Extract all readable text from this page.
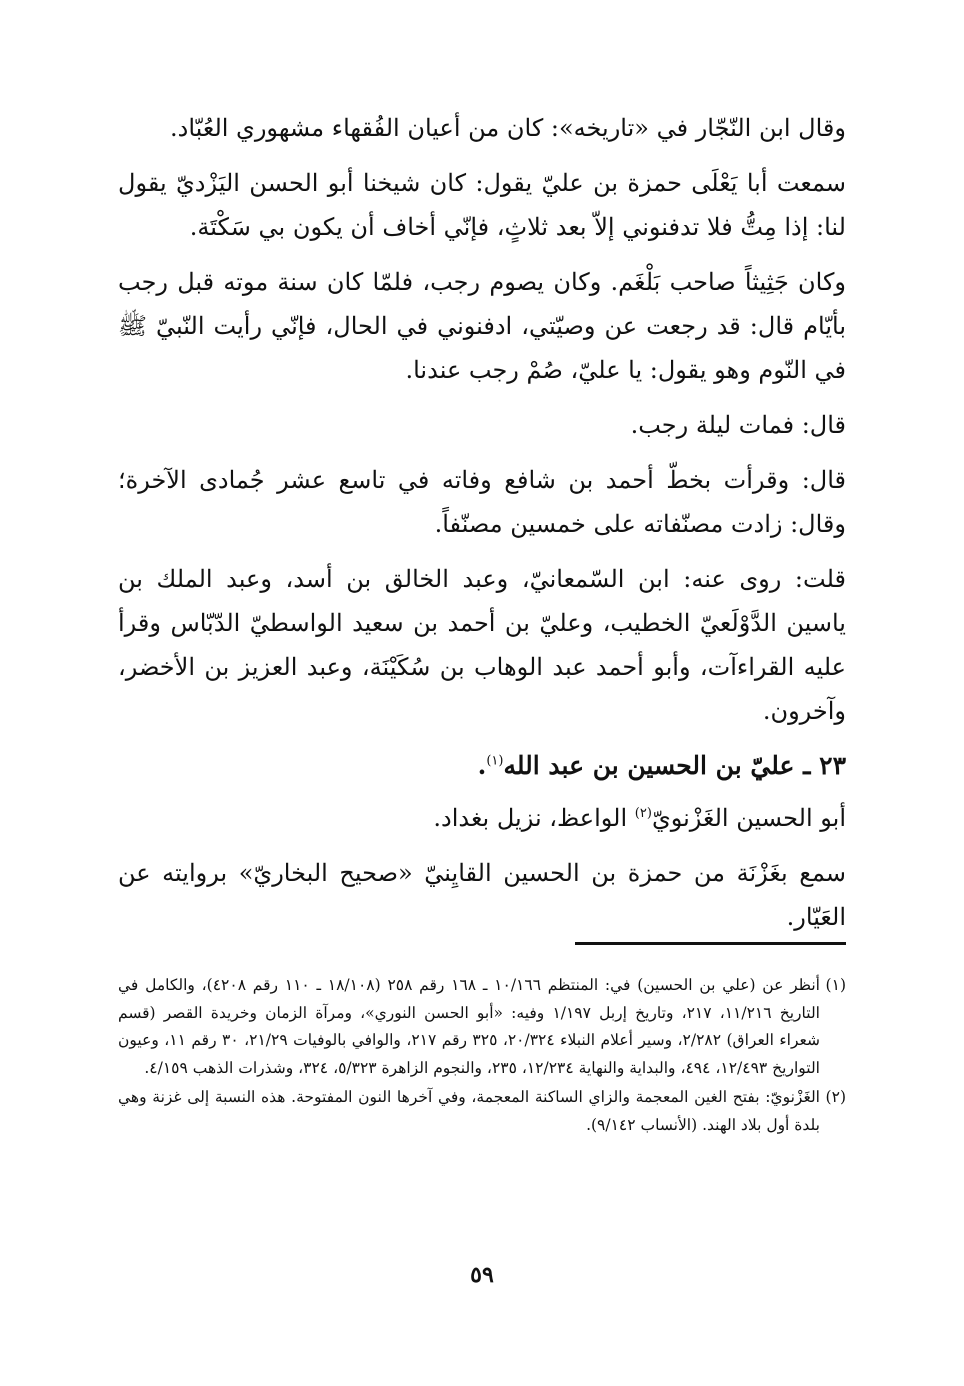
وقال ابن النّجّار في «تاريخه»: كان من أعيان الفُقهاء مشهوري العُبّاد.

سمعت أبا يَعْلَى حمزة بن عليّ يقول: كان شيخنا أبو الحسن اليَزْديّ يقول لنا: إذا مِتُّ فلا تدفنوني إلاّ بعد ثلاثٍ، فإنّي أخاف أن يكون بي سَكْتَة.

وكان جَثِيثاً صاحب بَلْغَم. وكان يصوم رجب، فلمّا كان سنة موته قبل رجب بأيّام قال: قد رجعت عن وصيّتي، ادفنوني في الحال، فإنّي رأيت النّبيّ ﷺ في النّوم وهو يقول: يا عليّ، صُمْ رجب عندنا.

قال: فمات ليلة رجب.

قال: وقرأت بخطّ أحمد بن شافع وفاته في تاسع عشر جُمادى الآخرة؛ وقال: زادت مصنّفاته على خمسين مصنّفاً.

قلت: روى عنه: ابن السّمعانيّ، وعبد الخالق بن أسد، وعبد الملك بن ياسين الدَّوْلَعيّ الخطيب، وعليّ بن أحمد بن سعيد الواسطيّ الدّبّاس وقرأ عليه القراءآت، وأبو أحمد عبد الوهاب بن سُكَيْنَة، وعبد العزيز بن الأخضر، وآخرون.

٢٣ ـ عليّ بن الحسين بن عبد الله$^{(١)}$.

أبو الحسين الغَزْنويّ$^{(٢)}$ الواعظ، نزيل بغداد.

سمع بغَزْنَة من حمزة بن الحسين القايِنيّ «صحيح البخاريّ» بروايته عن العَيّار.

(١)
أنظر عن (علي بن الحسين) في: المنتظم ١٠/١٦٦ ـ ١٦٨ رقم ٢٥٨ (١٨/١٠٨ ـ ١١٠ رقم ٤٢٠٨)، والكامل في التاريخ ١١/٢١٦، ٢١٧، وتاريخ إربل ١/١٩٧ وفيه: «أبو الحسن النوري»، ومرآة الزمان وخريدة القصر (قسم شعراء العراق) ٢/٢٨٢، وسير أعلام النبلاء ٢٠/٣٢٤، ٣٢٥ رقم ٢١٧، والوافي بالوفيات ٢١/٢٩، ٣٠ رقم ١١، وعيون التواريخ ١٢/٤٩٣، ٤٩٤، والبداية والنهاية ١٢/٢٣٤، ٢٣٥، والنجوم الزاهرة ٥/٣٢٣، ٣٢٤، وشذرات الذهب ٤/١٥٩.

(٢)
الغَزْنويّ: بفتح الغين المعجمة والزاي الساكنة المعجمة، وفي آخرها النون المفتوحة. هذه النسبة إلى غزنة وهي بلدة أول بلاد الهند. (الأنساب ٩/١٤٢).

٥٩
